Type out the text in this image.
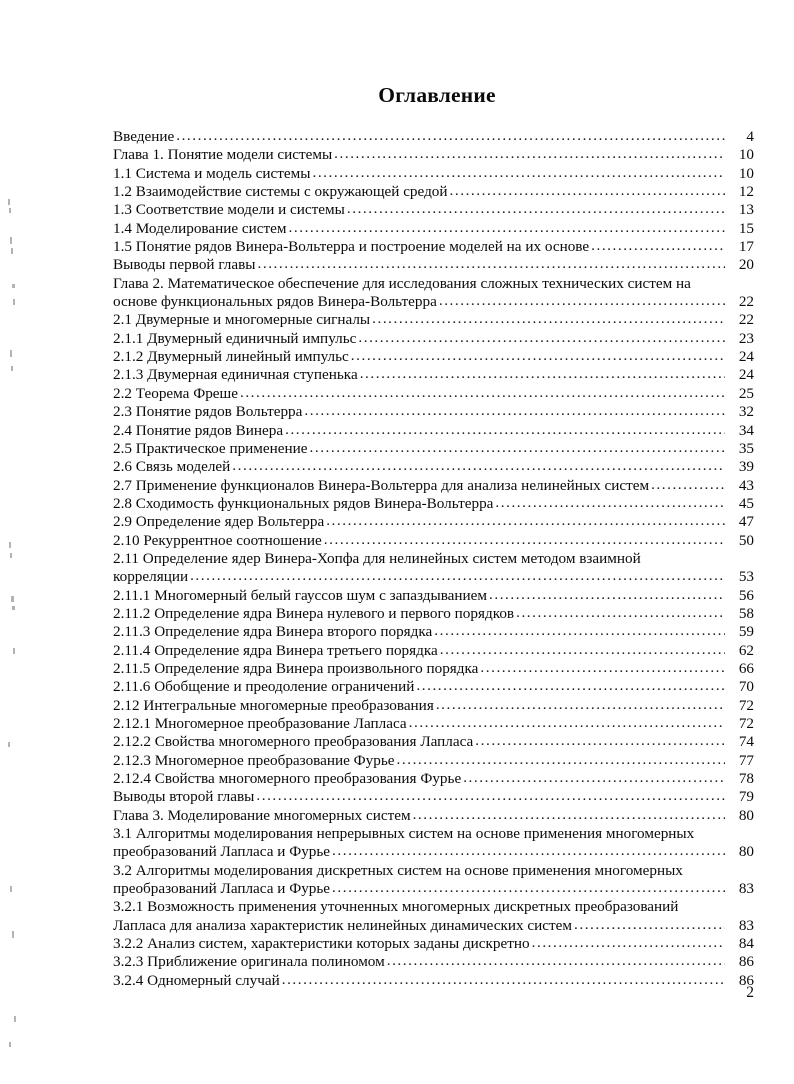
Оглавление
Введение .....	4
Глава 1. Понятие модели системы .....	10
1.1 Система и модель системы .....	10
1.2 Взаимодействие системы с окружающей средой .....	12
1.3 Соответствие модели и системы .....	13
1.4 Моделирование систем .....	15
1.5 Понятие рядов Винера-Вольтерра и построение моделей на их основе .....	17
Выводы первой главы .....	20
Глава 2. Математическое обеспечение для исследования сложных технических систем на
основе функциональных рядов Винера-Вольтерра .....	22
2.1 Двумерные и многомерные сигналы .....	22
2.1.1 Двумерный единичный импульс .....	23
2.1.2 Двумерный линейный импульс .....	24
2.1.3 Двумерная единичная ступенька .....	24
2.2 Теорема Фреше .....	25
2.3 Понятие рядов Вольтерра .....	32
2.4 Понятие рядов Винера .....	34
2.5 Практическое применение .....	35
2.6 Связь моделей .....	39
2.7 Применение функционалов Винера-Вольтерра для анализа нелинейных систем .....	43
2.8 Сходимость функциональных рядов Винера-Вольтерра .....	45
2.9 Определение ядер Вольтерра .....	47
2.10 Рекуррентное соотношение .....	50
2.11 Определение ядер Винера-Хопфа для нелинейных систем методом взаимной
корреляции .....	53
2.11.1 Многомерный белый гауссов шум с запаздыванием .....	56
2.11.2 Определение ядра Винера нулевого и первого порядков .....	58
2.11.3 Определение ядра Винера второго порядка .....	59
2.11.4 Определение ядра Винера третьего порядка .....	62
2.11.5 Определение ядра Винера произвольного порядка .....	66
2.11.6 Обобщение и преодоление ограничений .....	70
2.12 Интегральные многомерные преобразования .....	72
2.12.1 Многомерное преобразование Лапласа .....	72
2.12.2 Свойства многомерного преобразования Лапласа .....	74
2.12.3 Многомерное преобразование Фурье .....	77
2.12.4 Свойства многомерного преобразования Фурье .....	78
Выводы второй главы .....	79
Глава 3. Моделирование многомерных систем .....	80
3.1 Алгоритмы моделирования непрерывных систем на основе применения многомерных
преобразований Лапласа и Фурье .....	80
3.2 Алгоритмы моделирования дискретных систем на основе применения многомерных
преобразований Лапласа и Фурье .....	83
3.2.1 Возможность применения уточненных многомерных дискретных преобразований
Лапласа для анализа характеристик нелинейных динамических систем .....	83
3.2.2 Анализ систем, характеристики которых заданы дискретно .....	84
3.2.3 Приближение оригинала полиномом .....	86
3.2.4 Одномерный случай .....	86
2
